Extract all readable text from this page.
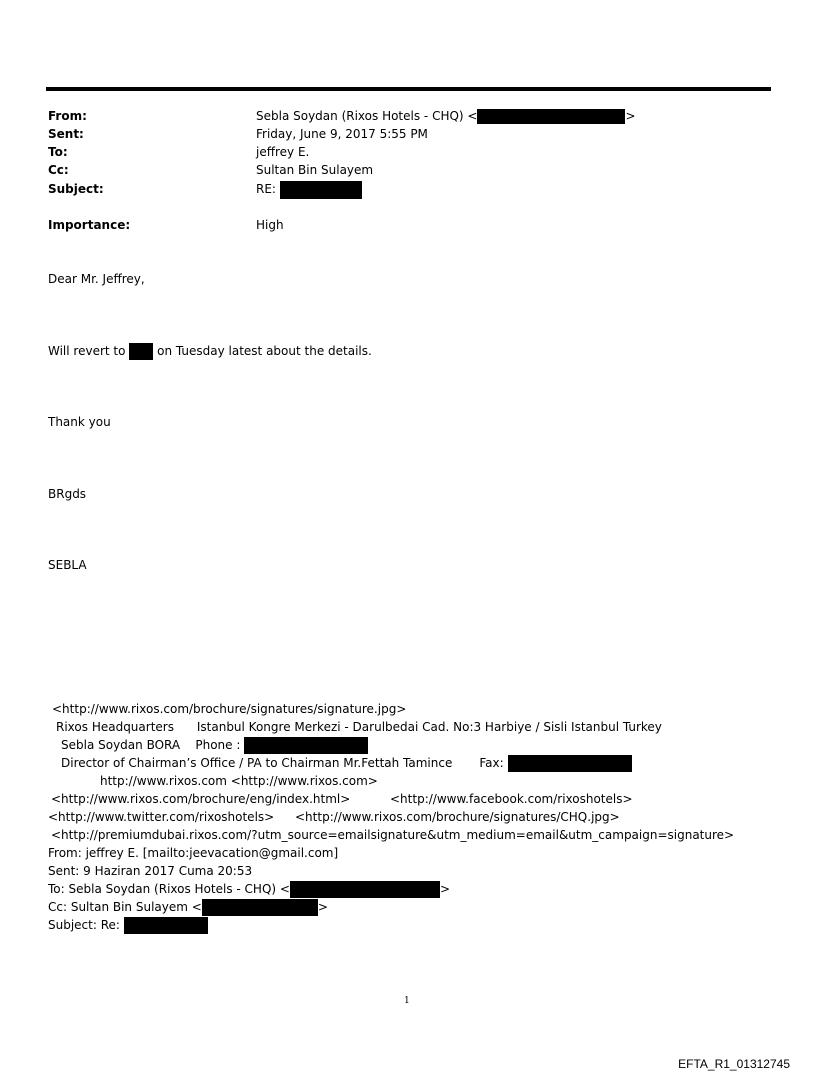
From:	Sebla Soydan (Rixos Hotels - CHQ) <	>
Sent:	Friday, June 9, 2017 5:55 PM
To:	jeffrey E.
Cc:	Sultan Bin Sulayem
Subject:	RE:
Importance:	High
Dear Mr. Jeffrey,
Will revert to	on Tuesday latest about the details.
Thank you
BRgds
SEBLA
<http://www.rixos.com/brochure/signatures/signature.jpg>
Rixos Headquarters      Istanbul Kongre Merkezi - Darulbedai Cad. No:3 Harbiye / Sisli Istanbul Turkey
Sebla Soydan BORA Phone :
Director of Chairman’s Office / PA to Chairman Mr.Fettah Tamince Fax:
http://www.rixos.com <http://www.rixos.com>
<http://www.rixos.com/brochure/eng/index.html>	<http://www.facebook.com/rixoshotels>
<http://www.twitter.com/rixoshotels> <http://www.rixos.com/brochure/signatures/CHQ.jpg>
<http://premiumdubai.rixos.com/?utm_source=emailsignature&utm_medium=email&utm_campaign=signature>
From: jeffrey E. [mailto:jeevacation@gmail.com]
Sent: 9 Haziran 2017 Cuma 20:53
To: Sebla Soydan (Rixos Hotels - CHQ) <	>
Cc: Sultan Bin Sulayem <	>
Subject: Re:
1
EFTA_R1_01312745
